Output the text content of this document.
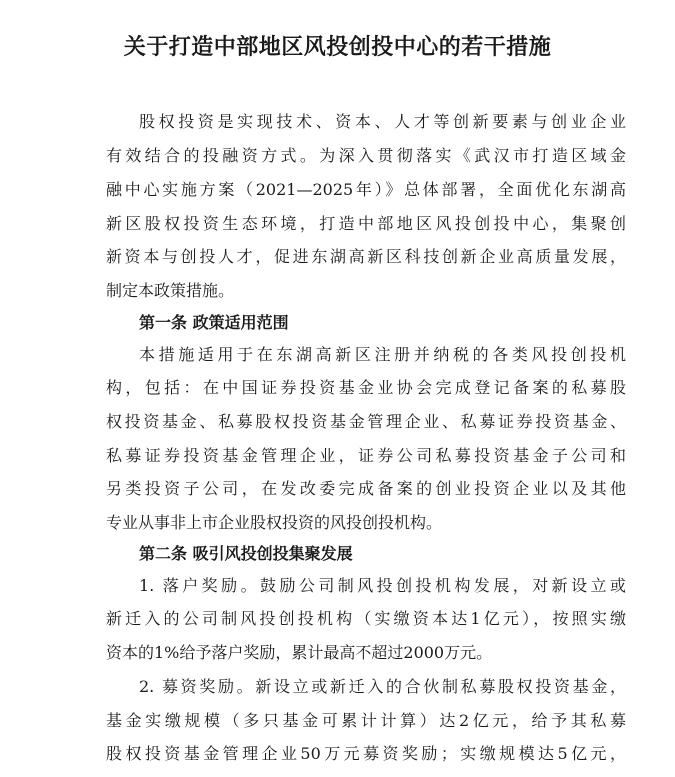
关于打造中部地区风投创投中心的若干措施
股权投资是实现技术、资本、人才等创新要素与创业企业
有效结合的投融资方式。为深入贯彻落实《武汉市打造区域金
融中心实施方案（2021—2025年）》总体部署，全面优化东湖高
新区股权投资生态环境，打造中部地区风投创投中心，集聚创
新资本与创投人才，促进东湖高新区科技创新企业高质量发展，
制定本政策措施。
第一条 政策适用范围
本措施适用于在东湖高新区注册并纳税的各类风投创投机
构，包括：在中国证券投资基金业协会完成登记备案的私募股
权投资基金、私募股权投资基金管理企业、私募证券投资基金、
私募证券投资基金管理企业，证券公司私募投资基金子公司和
另类投资子公司，在发改委完成备案的创业投资企业以及其他
专业从事非上市企业股权投资的风投创投机构。
第二条 吸引风投创投集聚发展
1. 落户奖励。鼓励公司制风投创投机构发展，对新设立或
新迁入的公司制风投创投机构（实缴资本达1亿元），按照实缴
资本的1%给予落户奖励，累计最高不超过2000万元。
2. 募资奖励。新设立或新迁入的合伙制私募股权投资基金，
基金实缴规模（多只基金可累计计算）达2亿元，给予其私募
股权投资基金管理企业50万元募资奖励；实缴规模达5亿元，
